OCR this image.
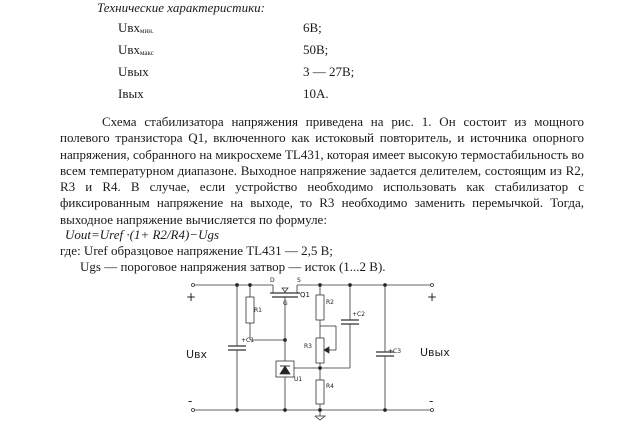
Технические характеристики:
Uвхмин.	6В;
Uвхмакс	50В;
Uвых	3 — 27В;
Iвых	10А.

Схема стабилизатора напряжения приведена на рис. 1. Он состоит из мощного полевого транзистора Q1, включенного как истоковый повторитель, и источника опорного напряжения, собранного на микросхеме TL431, которая имеет высокую термостабильность во всем температурном диапазоне. Выходное напряжение задается делителем, состоящим из R2, R3 и R4. В случае, если устройство необходимо использовать как стабилизатор с фиксированным напряжение на выходе, то R3 необходимо заменить перемычкой. Тогда, выходное напряжение вычисляется по формуле:

Uout=Uref ·(1+ R2/R4)−Ugs
где: Uref образцовое напряжение TL431 — 2,5 В;
Ugs — пороговое напряжения затвор — исток (1...2 В).
R1
+C1
D	S
G
Q1
R2
R3
R4
U1
+C2
+C3
+
-
+
-
Uвх	Uвых
